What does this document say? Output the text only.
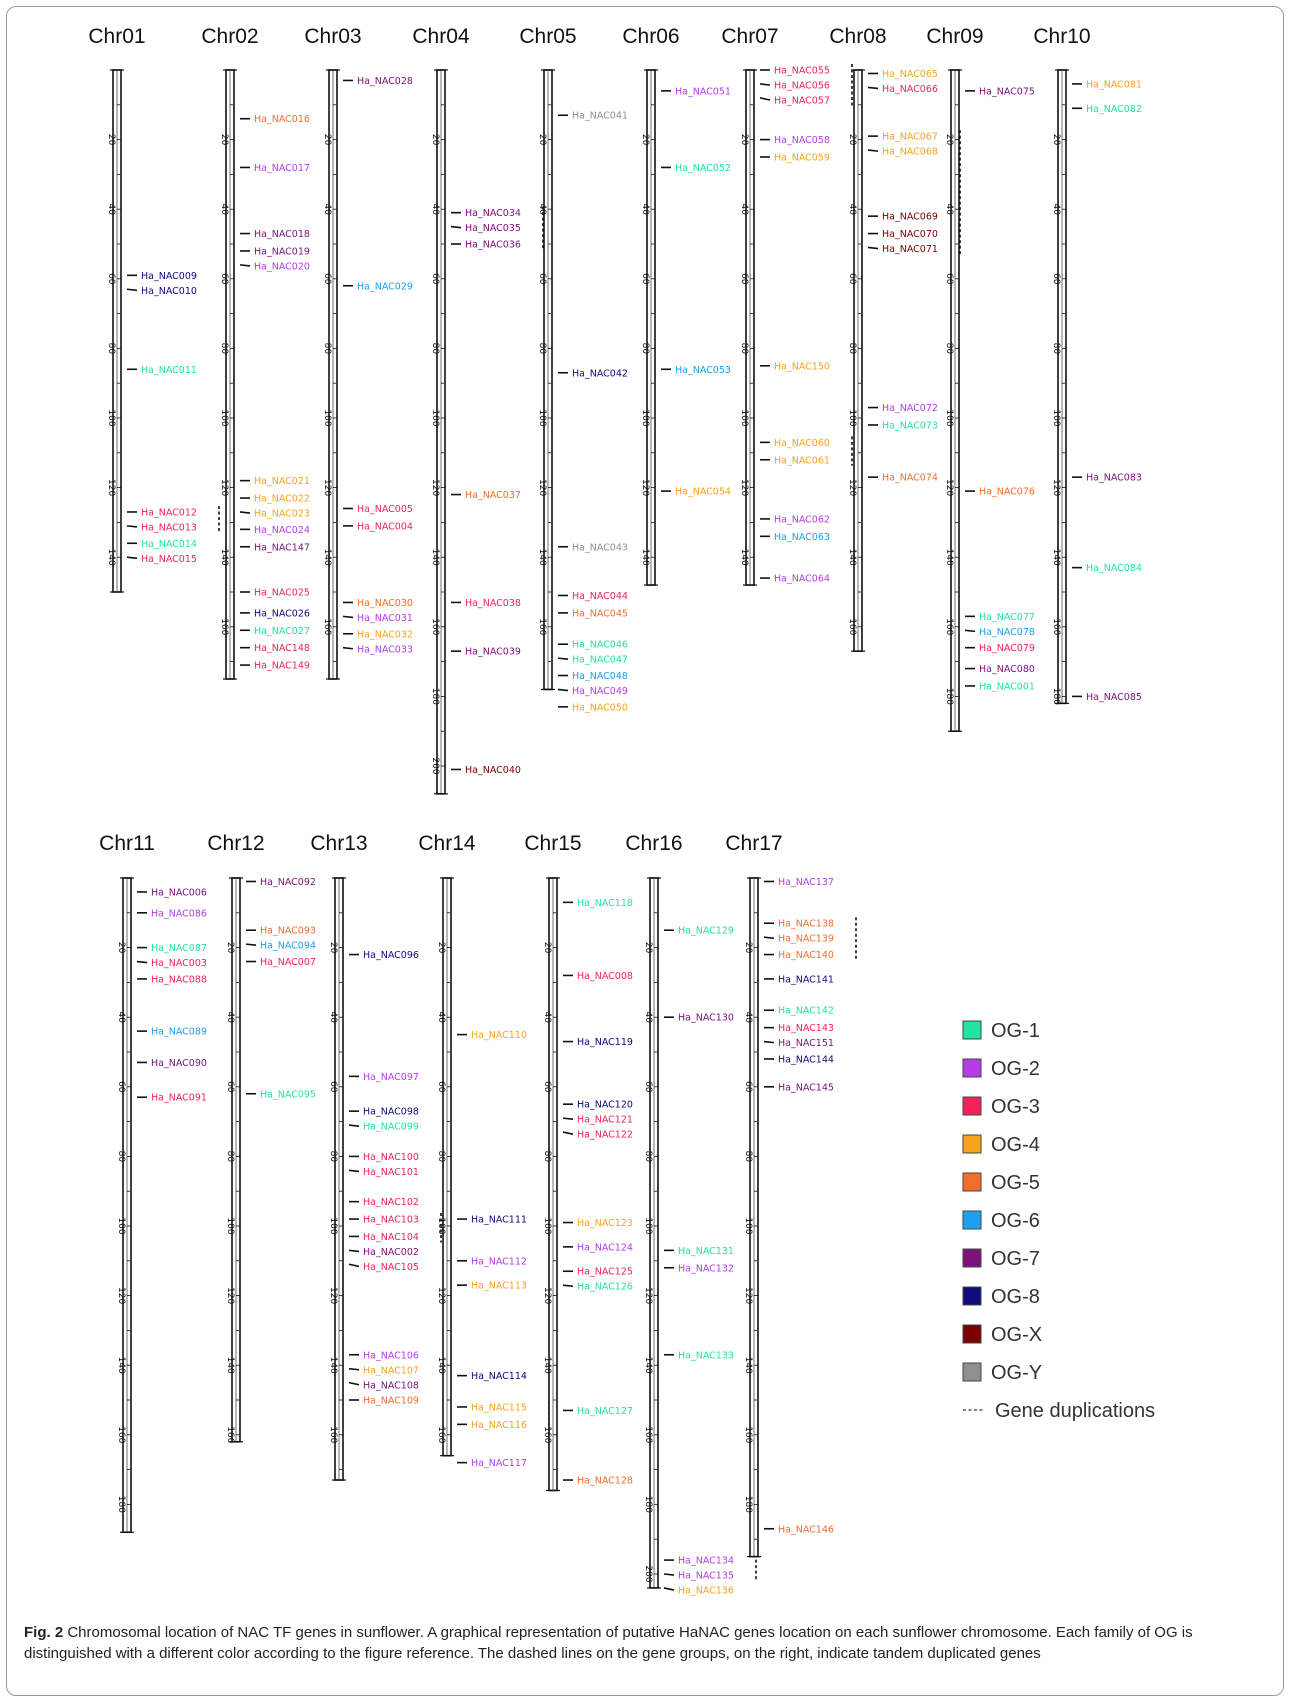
Chr01
20
40
60
80
100
120
140
Ha_NAC009
Ha_NAC010
Ha_NAC011
Ha_NAC012
Ha_NAC013
Ha_NAC014
Ha_NAC015
Chr02
20
40
60
80
100
120
140
160
Ha_NAC016
Ha_NAC017
Ha_NAC018
Ha_NAC019
Ha_NAC020
Ha_NAC021
Ha_NAC022
Ha_NAC023
Ha_NAC024
Ha_NAC147
Ha_NAC025
Ha_NAC026
Ha_NAC027
Ha_NAC148
Ha_NAC149
Chr03
20
40
60
80
100
120
140
160
Ha_NAC028
Ha_NAC029
Ha_NAC005
Ha_NAC004
Ha_NAC030
Ha_NAC031
Ha_NAC032
Ha_NAC033
Chr04
20
40
60
80
100
120
140
160
180
200
Ha_NAC034
Ha_NAC035
Ha_NAC036
Ha_NAC037
Ha_NAC038
Ha_NAC039
Ha_NAC040
Chr05
20
40
60
80
100
120
140
160
Ha_NAC041
Ha_NAC042
Ha_NAC043
Ha_NAC044
Ha_NAC045
Ha_NAC046
Ha_NAC047
Ha_NAC048
Ha_NAC049
Ha_NAC050
Chr06
20
40
60
80
100
120
140
Ha_NAC051
Ha_NAC052
Ha_NAC053
Ha_NAC054
Chr07
20
40
60
80
100
120
140
Ha_NAC055
Ha_NAC056
Ha_NAC057
Ha_NAC058
Ha_NAC059
Ha_NAC150
Ha_NAC060
Ha_NAC061
Ha_NAC062
Ha_NAC063
Ha_NAC064
Chr08
20
40
60
80
100
120
140
160
Ha_NAC065
Ha_NAC066
Ha_NAC067
Ha_NAC068
Ha_NAC069
Ha_NAC070
Ha_NAC071
Ha_NAC072
Ha_NAC073
Ha_NAC074
Chr09
20
40
60
80
100
120
140
160
180
Ha_NAC075
Ha_NAC076
Ha_NAC077
Ha_NAC078
Ha_NAC079
Ha_NAC080
Ha_NAC001
Chr10
20
40
60
80
100
120
140
160
180
Ha_NAC081
Ha_NAC082
Ha_NAC083
Ha_NAC084
Ha_NAC085
Chr11
20
40
60
80
100
120
140
160
180
Ha_NAC006
Ha_NAC086
Ha_NAC087
Ha_NAC003
Ha_NAC088
Ha_NAC089
Ha_NAC090
Ha_NAC091
Chr12
20
40
60
80
100
120
140
160
Ha_NAC092
Ha_NAC093
Ha_NAC094
Ha_NAC007
Ha_NAC095
Chr13
20
40
60
80
100
120
140
160
Ha_NAC096
Ha_NAC097
Ha_NAC098
Ha_NAC099
Ha_NAC100
Ha_NAC101
Ha_NAC102
Ha_NAC103
Ha_NAC104
Ha_NAC002
Ha_NAC105
Ha_NAC106
Ha_NAC107
Ha_NAC108
Ha_NAC109
Chr14
20
40
60
80
100
120
140
160
Ha_NAC110
Ha_NAC111
Ha_NAC112
Ha_NAC113
Ha_NAC114
Ha_NAC115
Ha_NAC116
Ha_NAC117
Chr15
20
40
60
80
100
120
140
160
Ha_NAC118
Ha_NAC008
Ha_NAC119
Ha_NAC120
Ha_NAC121
Ha_NAC122
Ha_NAC123
Ha_NAC124
Ha_NAC125
Ha_NAC126
Ha_NAC127
Ha_NAC128
Chr16
20
40
60
80
100
120
140
160
180
200
Ha_NAC129
Ha_NAC130
Ha_NAC131
Ha_NAC132
Ha_NAC133
Ha_NAC134
Ha_NAC135
Ha_NAC136
Chr17
20
40
60
80
100
120
140
160
180
Ha_NAC137
Ha_NAC138
Ha_NAC139
Ha_NAC140
Ha_NAC141
Ha_NAC142
Ha_NAC143
Ha_NAC151
Ha_NAC144
Ha_NAC145
Ha_NAC146
OG-1
OG-2
OG-3
OG-4
OG-5
OG-6
OG-7
OG-8
OG-X
OG-Y
Gene duplications
Fig. 2 Chromosomal location of NAC TF genes in sunflower. A graphical representation of putative HaNAC genes location on each sunflower chromosome. Each family of OG is distinguished with a different color according to the figure reference. The dashed lines on the gene groups, on the right, indicate tandem duplicated genes
